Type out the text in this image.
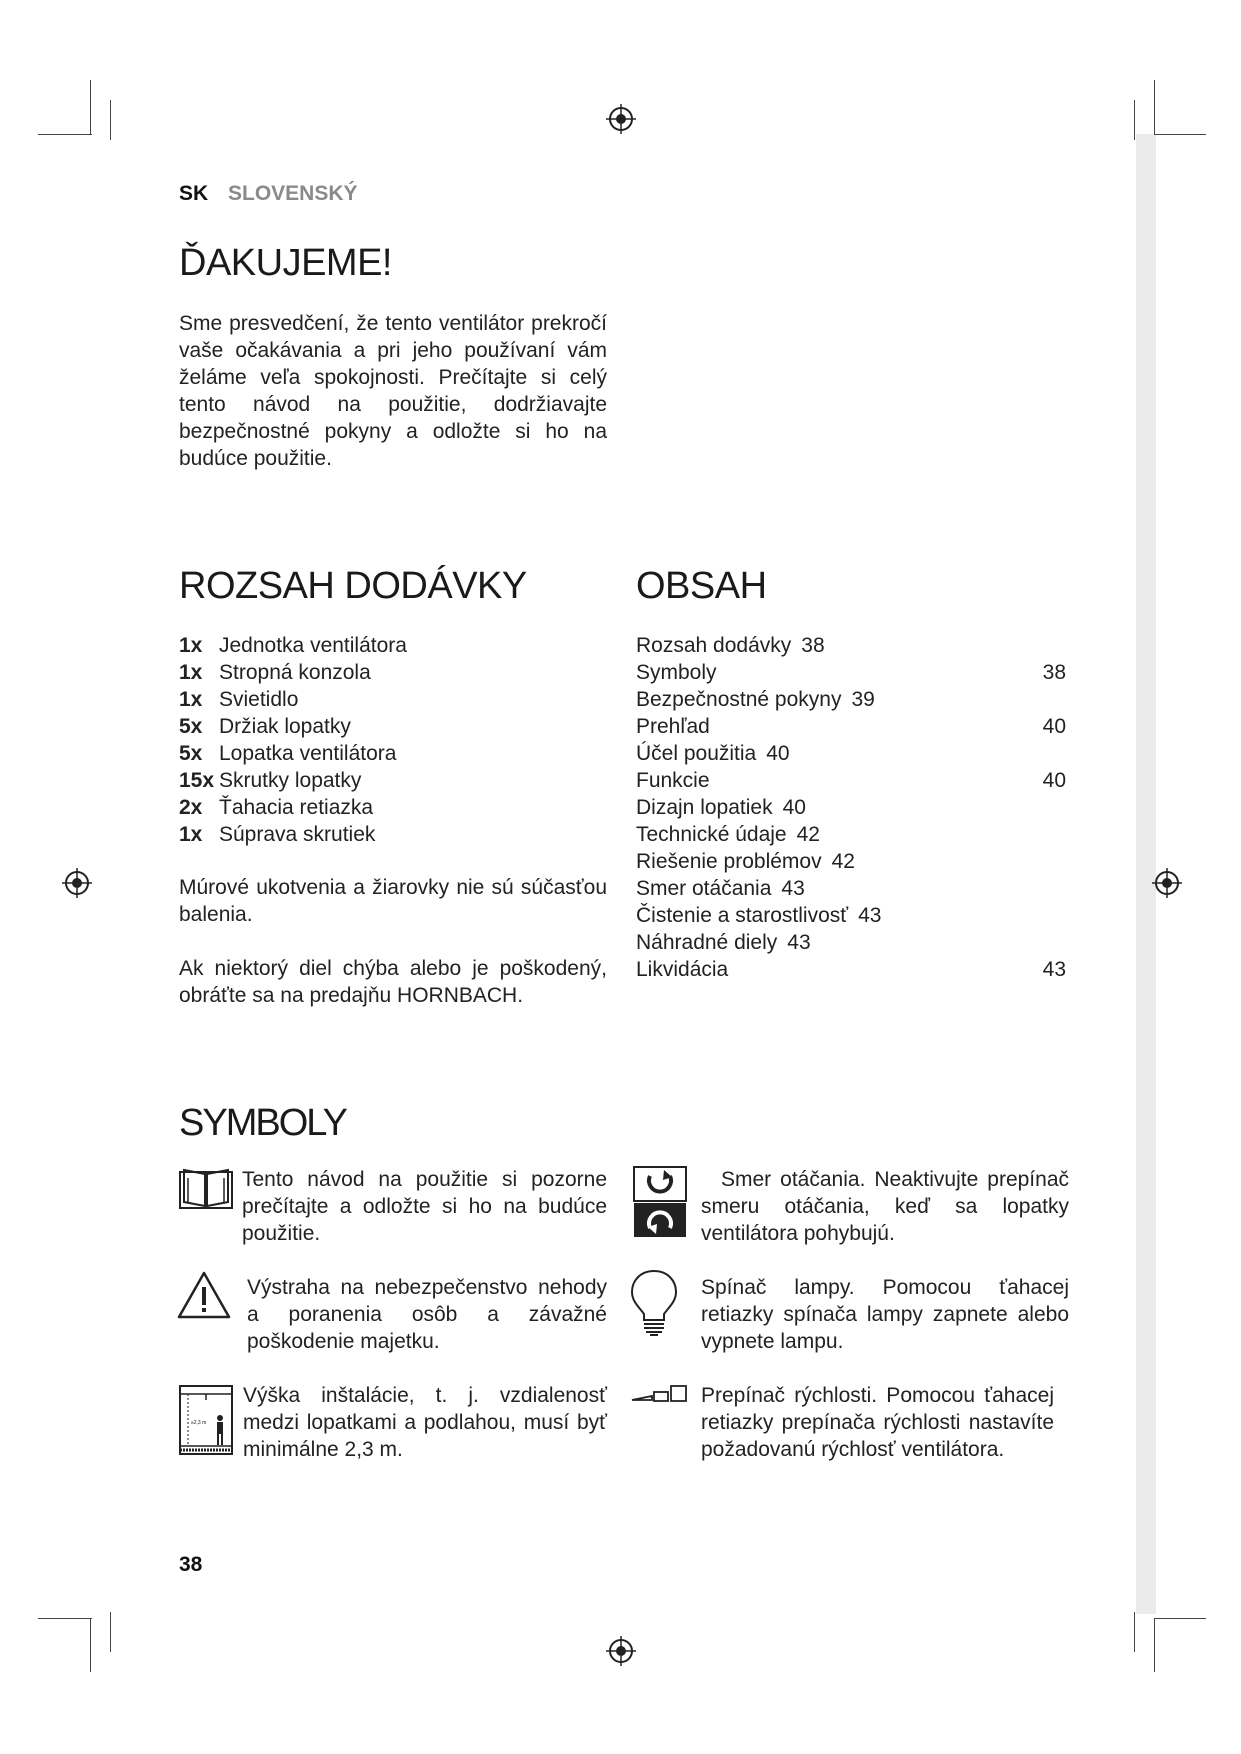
SK SLOVENSKÝ
ĎAKUJEME!

Sme presvedčení, že tento ventilátor prekročí vaše očakávania a pri jeho používaní vám želáme veľa spokojnosti. Prečítajte si celý tento návod na použitie, dodržiavajte bezpečnostné pokyny a odložte si ho na budúce použitie.

ROZSAH DODÁVKY
1x Jednotka ventilátora
1x Stropná konzola
1x Svietidlo
5x Držiak lopatky
5x Lopatka ventilátora
15x Skrutky lopatky
2x Ťahacia retiazka
1x Súprava skrutiek

Múrové ukotvenia a žiarovky nie sú súčasťou balenia.

Ak niektorý diel chýba alebo je poškodený, obráťte sa na predajňu HORNBACH.

OBSAH
Rozsah dodávky 38
Symboly	38
Bezpečnostné pokyny 39
Prehľad	40
Účel použitia 40
Funkcie	40
Dizajn lopatiek 40
Technické údaje 42
Riešenie problémov 42
Smer otáčania 43
Čistenie a starostlivosť 43
Náhradné diely 43
Likvidácia	43
SYMBOLY

Tento návod na použitie si pozorne prečítajte a odložte si ho na budúce použitie.

Výstraha na nebezpečenstvo nehody a poranenia osôb a závažné poškodenie majetku.

≥2,3 m

Výška inštalácie, t. j. vzdialenosť medzi lopatkami a podlahou, musí byť minimálne 2,3 m.

Smer otáčania. Neaktivujte prepínač smeru otáčania, keď sa lopatky ventilátora pohybujú.

Spínač lampy. Pomocou ťahacej retiazky spínača lampy zapnete alebo vypnete lampu.

Prepínač rýchlosti. Pomocou ťahacej retiazky prepínača rýchlosti nastavíte požadovanú rýchlosť ventilátora.

38
